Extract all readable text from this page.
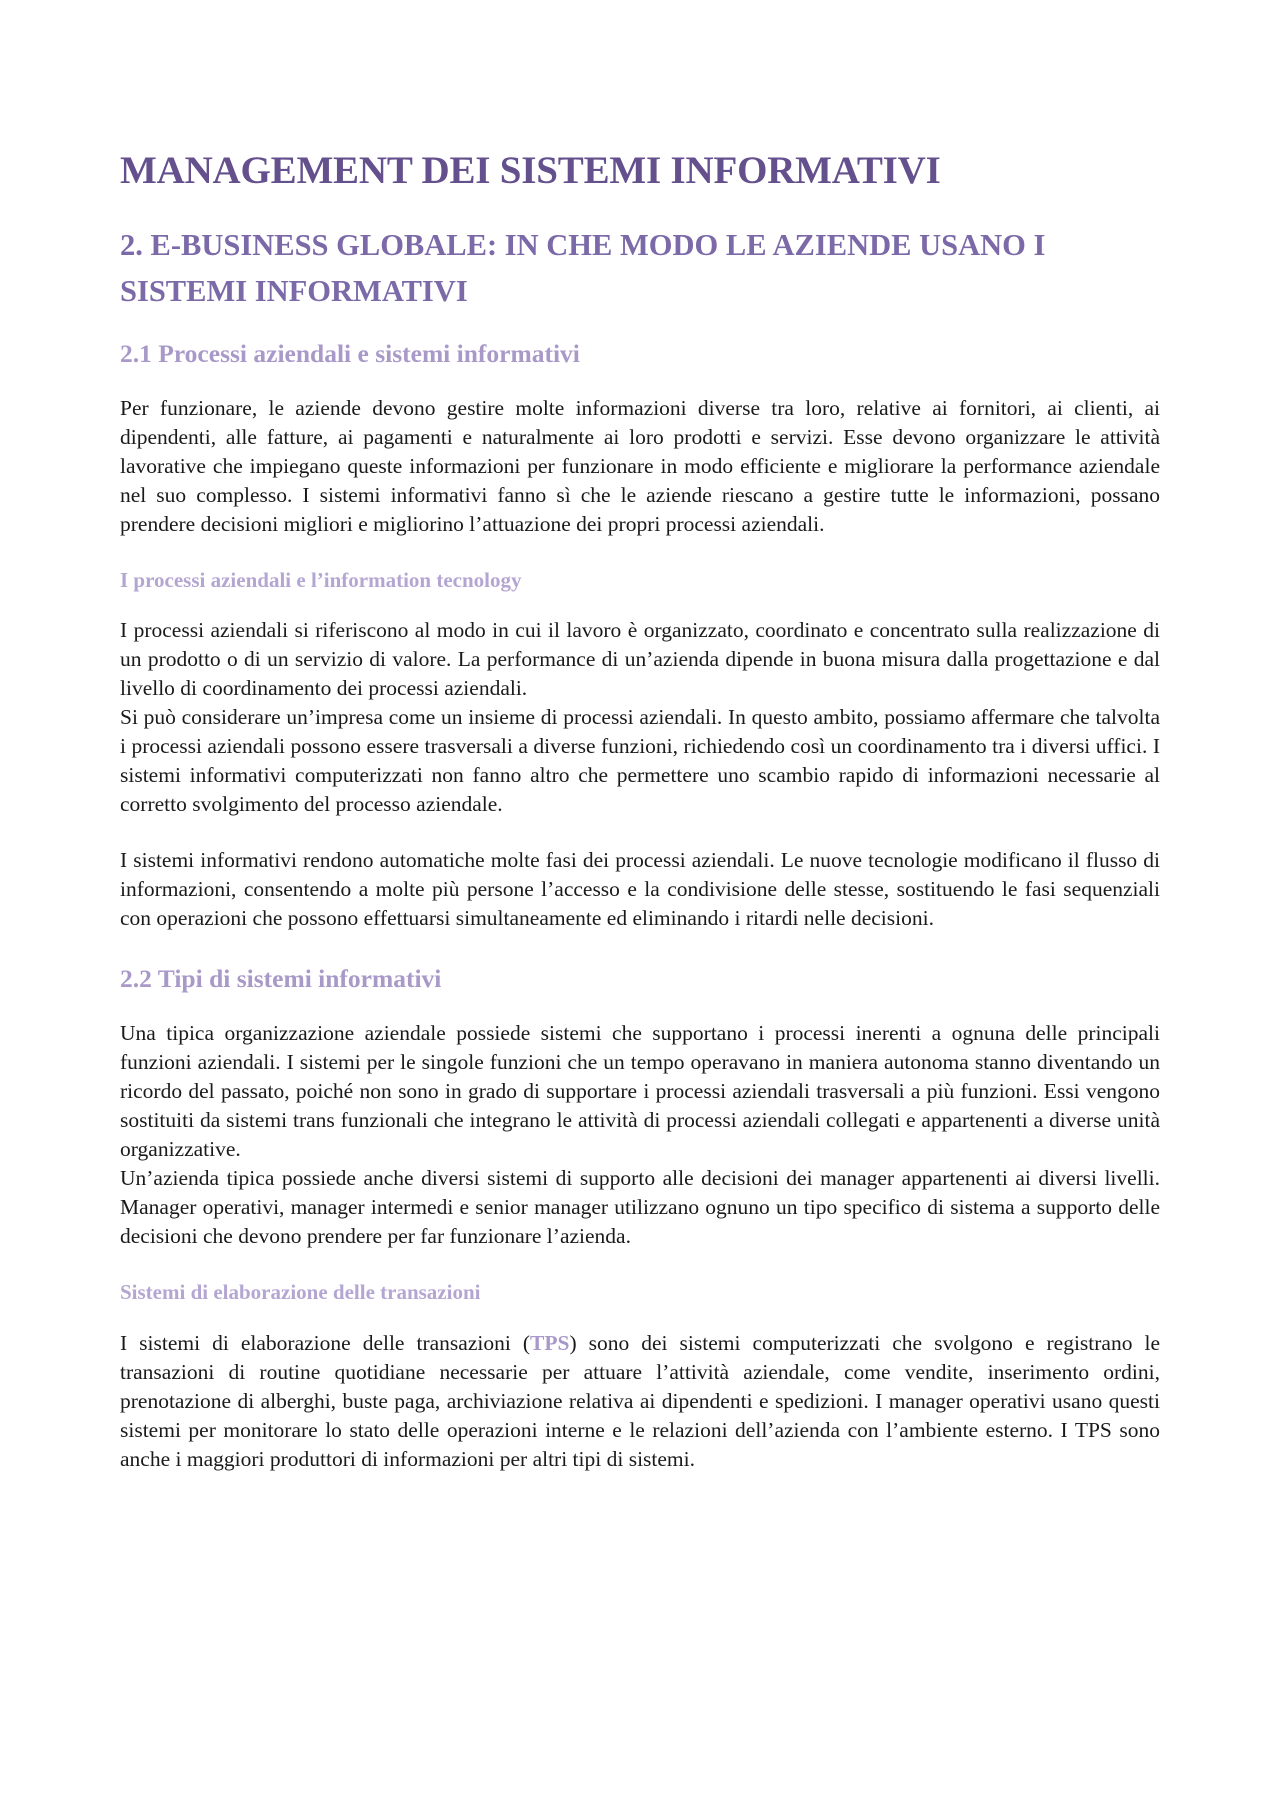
MANAGEMENT DEI SISTEMI INFORMATIVI
2. E-BUSINESS GLOBALE: IN CHE MODO LE AZIENDE USANO I SISTEMI INFORMATIVI
2.1 Processi aziendali e sistemi informativi

Per funzionare, le aziende devono gestire molte informazioni diverse tra loro, relative ai fornitori, ai clienti, ai dipendenti, alle fatture, ai pagamenti e naturalmente ai loro prodotti e servizi. Esse devono organizzare le attività lavorative che impiegano queste informazioni per funzionare in modo efficiente e migliorare la performance aziendale nel suo complesso. I sistemi informativi fanno sì che le aziende riescano a gestire tutte le informazioni, possano prendere decisioni migliori e migliorino l’attuazione dei propri processi aziendali.

I processi aziendali e l’information tecnology

I processi aziendali si riferiscono al modo in cui il lavoro è organizzato, coordinato e concentrato sulla realizzazione di un prodotto o di un servizio di valore. La performance di un’azienda dipende in buona misura dalla progettazione e dal livello di coordinamento dei processi aziendali.

Si può considerare un’impresa come un insieme di processi aziendali. In questo ambito, possiamo affermare che talvolta i processi aziendali possono essere trasversali a diverse funzioni, richiedendo così un coordinamento tra i diversi uffici. I sistemi informativi computerizzati non fanno altro che permettere uno scambio rapido di informazioni necessarie al corretto svolgimento del processo aziendale.

I sistemi informativi rendono automatiche molte fasi dei processi aziendali. Le nuove tecnologie modificano il flusso di informazioni, consentendo a molte più persone l’accesso e la condivisione delle stesse, sostituendo le fasi sequenziali con operazioni che possono effettuarsi simultaneamente ed eliminando i ritardi nelle decisioni.

2.2 Tipi di sistemi informativi

Una tipica organizzazione aziendale possiede sistemi che supportano i processi inerenti a ognuna delle principali funzioni aziendali. I sistemi per le singole funzioni che un tempo operavano in maniera autonoma stanno diventando un ricordo del passato, poiché non sono in grado di supportare i processi aziendali trasversali a più funzioni. Essi vengono sostituiti da sistemi trans funzionali che integrano le attività di processi aziendali collegati e appartenenti a diverse unità organizzative.

Un’azienda tipica possiede anche diversi sistemi di supporto alle decisioni dei manager appartenenti ai diversi livelli. Manager operativi, manager intermedi e senior manager utilizzano ognuno un tipo specifico di sistema a supporto delle decisioni che devono prendere per far funzionare l’azienda.

Sistemi di elaborazione delle transazioni

I sistemi di elaborazione delle transazioni (TPS) sono dei sistemi computerizzati che svolgono e registrano le transazioni di routine quotidiane necessarie per attuare l’attività aziendale, come vendite, inserimento ordini, prenotazione di alberghi, buste paga, archiviazione relativa ai dipendenti e spedizioni. I manager operativi usano questi sistemi per monitorare lo stato delle operazioni interne e le relazioni dell’azienda con l’ambiente esterno. I TPS sono anche i maggiori produttori di informazioni per altri tipi di sistemi.
